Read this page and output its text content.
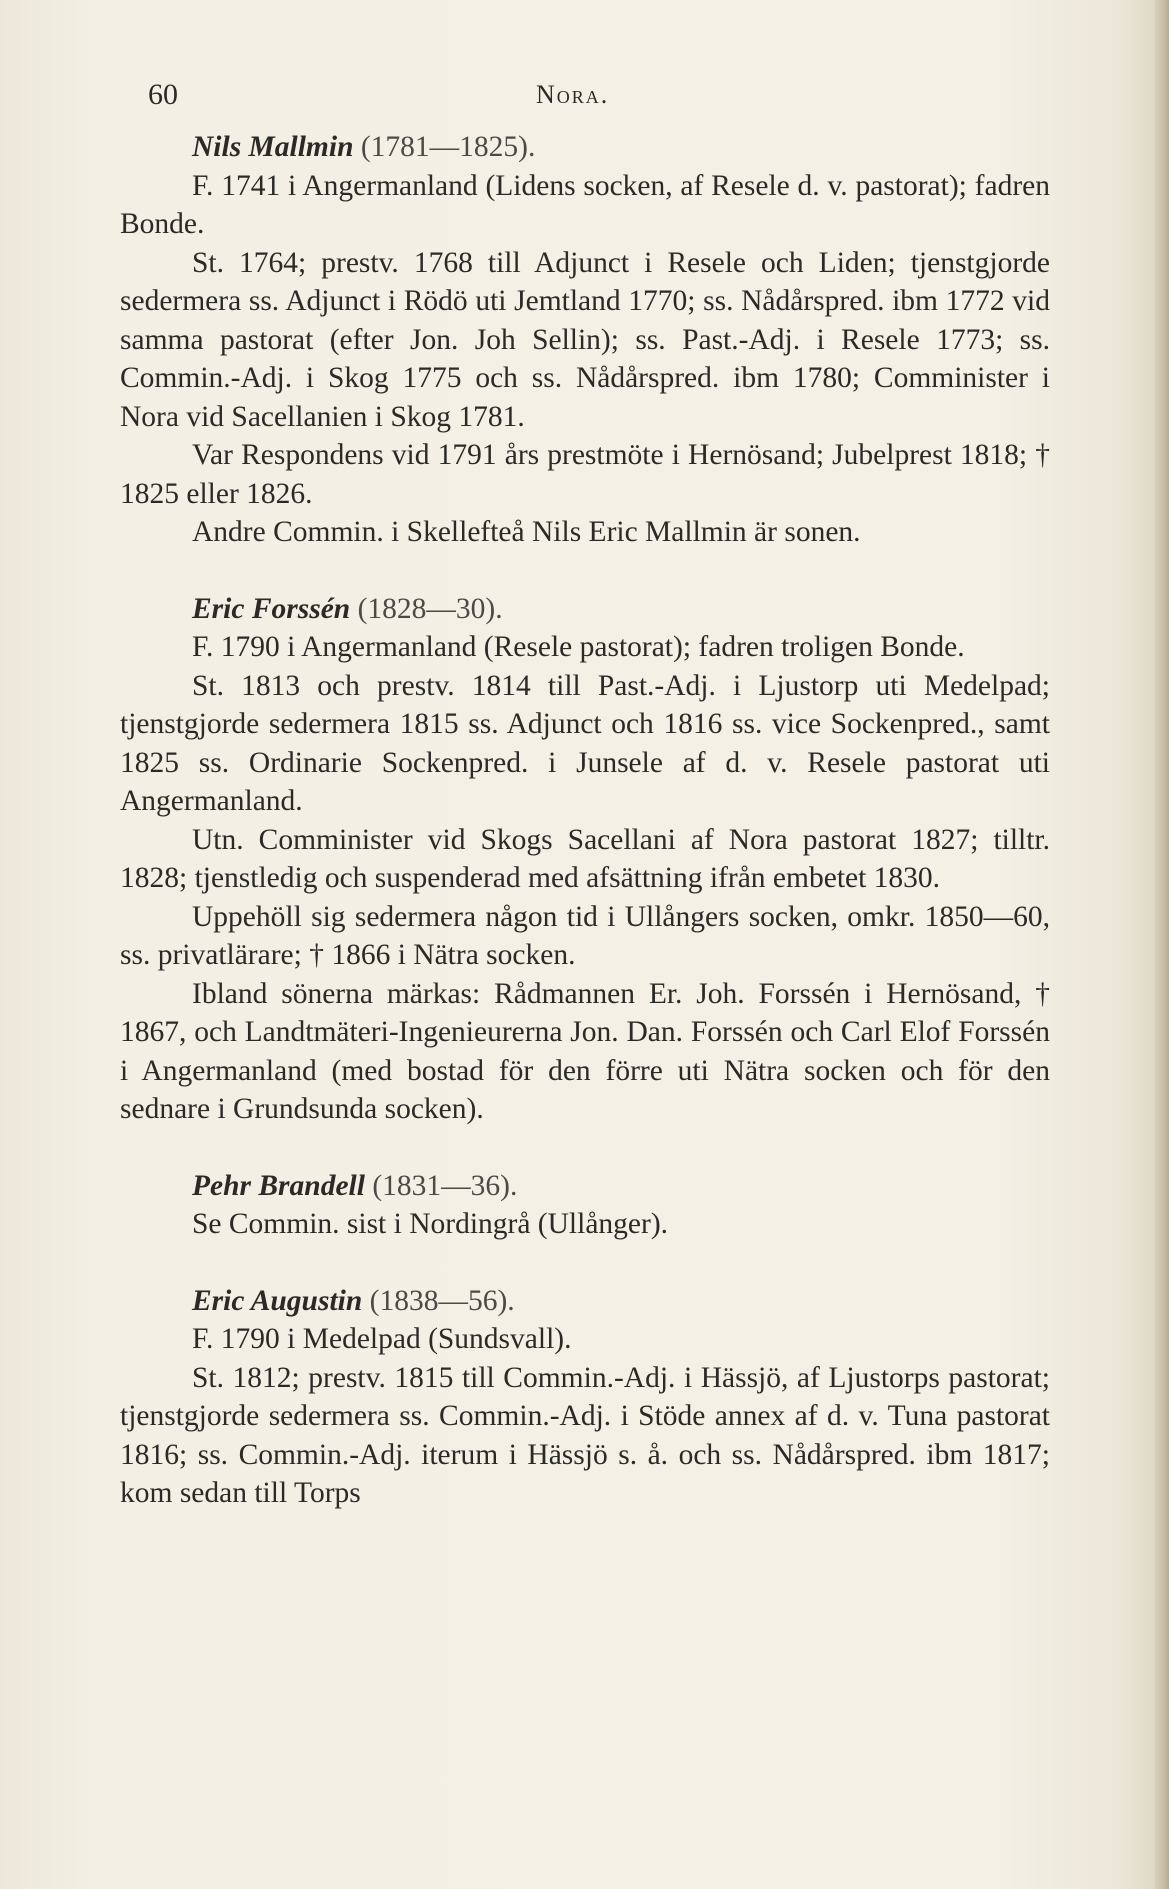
60	Nora.
Nils Mallmin (1781—1825).

F. 1741 i Angermanland (Lidens socken, af Resele d. v. pastorat); fadren Bonde.

St. 1764; prestv. 1768 till Adjunct i Resele och Liden; tjenstgjorde sedermera ss. Adjunct i Rödö uti Jemtland 1770; ss. Nådårspred. ibm 1772 vid samma pastorat (efter Jon. Joh Sellin); ss. Past.-Adj. i Resele 1773; ss. Commin.-Adj. i Skog 1775 och ss. Nådårspred. ibm 1780; Comminister i Nora vid Sacellanien i Skog 1781.

Var Respondens vid 1791 års prestmöte i Hernösand; Jubelprest 1818; † 1825 eller 1826.

Andre Commin. i Skellefteå Nils Eric Mallmin är sonen.

Eric Forssén (1828—30).

F. 1790 i Angermanland (Resele pastorat); fadren troligen Bonde.

St. 1813 och prestv. 1814 till Past.-Adj. i Ljustorp uti Medelpad; tjenstgjorde sedermera 1815 ss. Adjunct och 1816 ss. vice Sockenpred., samt 1825 ss. Ordinarie Sockenpred. i Junsele af d. v. Resele pastorat uti Angermanland.

Utn. Comminister vid Skogs Sacellani af Nora pastorat 1827; tilltr. 1828; tjenstledig och suspenderad med afsättning ifrån embetet 1830.

Uppehöll sig sedermera någon tid i Ullångers socken, omkr. 1850—60, ss. privatlärare; † 1866 i Nätra socken.

Ibland sönerna märkas: Rådmannen Er. Joh. Forssén i Hernösand, † 1867, och Landtmäteri-Ingenieurerna Jon. Dan. Forssén och Carl Elof Forssén i Angermanland (med bostad för den förre uti Nätra socken och för den sednare i Grundsunda socken).

Pehr Brandell (1831—36).

Se Commin. sist i Nordingrå (Ullånger).

Eric Augustin (1838—56).

F. 1790 i Medelpad (Sundsvall).

St. 1812; prestv. 1815 till Commin.-Adj. i Hässjö, af Ljustorps pastorat; tjenstgjorde sedermera ss. Commin.-Adj. i Stöde annex af d. v. Tuna pastorat 1816; ss. Commin.-Adj. iterum i Hässjö s. å. och ss. Nådårspred. ibm 1817; kom sedan till Torps
